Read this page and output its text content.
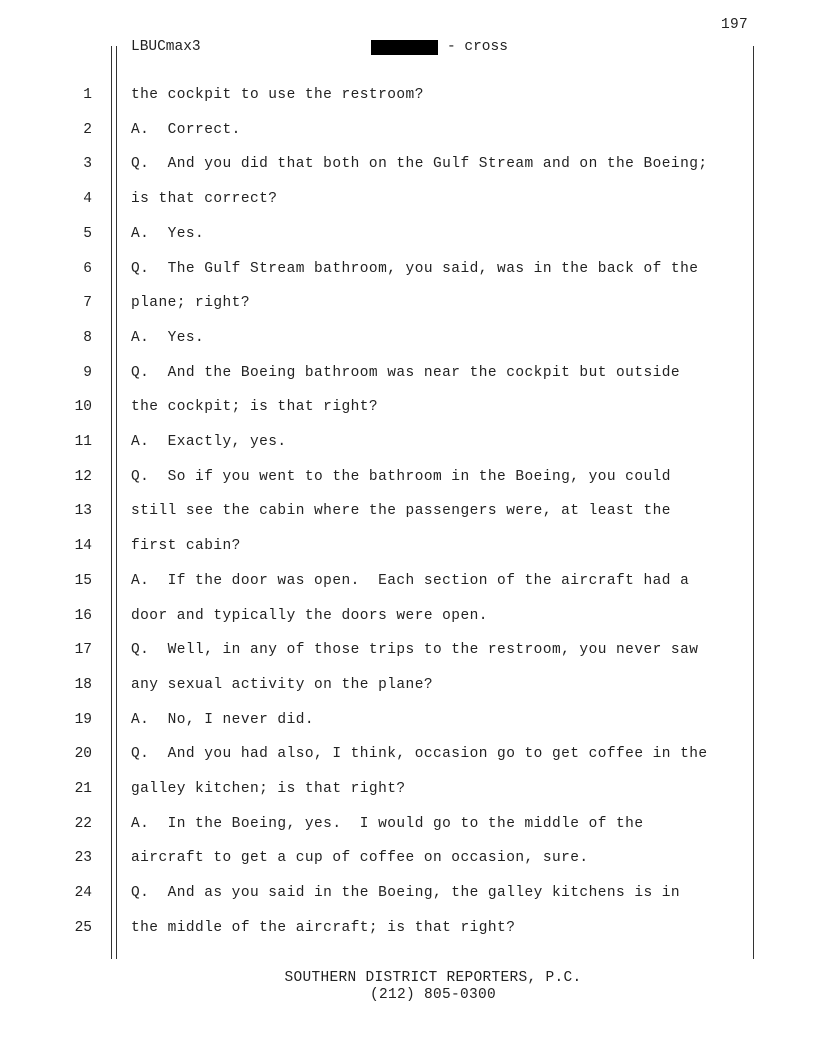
197
LBUCmax3	- cross
1	the cockpit to use the restroom?
2	A.  Correct.
3	Q.  And you did that both on the Gulf Stream and on the Boeing;
4	is that correct?
5	A.  Yes.
6	Q.  The Gulf Stream bathroom, you said, was in the back of the
7	plane; right?
8	A.  Yes.
9	Q.  And the Boeing bathroom was near the cockpit but outside
10	the cockpit; is that right?
11	A.  Exactly, yes.
12	Q.  So if you went to the bathroom in the Boeing, you could
13	still see the cabin where the passengers were, at least the
14	first cabin?
15	A.  If the door was open.  Each section of the aircraft had a
16	door and typically the doors were open.
17	Q.  Well, in any of those trips to the restroom, you never saw
18	any sexual activity on the plane?
19	A.  No, I never did.
20	Q.  And you had also, I think, occasion go to get coffee in the
21	galley kitchen; is that right?
22	A.  In the Boeing, yes.  I would go to the middle of the
23	aircraft to get a cup of coffee on occasion, sure.
24	Q.  And as you said in the Boeing, the galley kitchens is in
25	the middle of the aircraft; is that right?
SOUTHERN DISTRICT REPORTERS, P.C.
(212) 805-0300
